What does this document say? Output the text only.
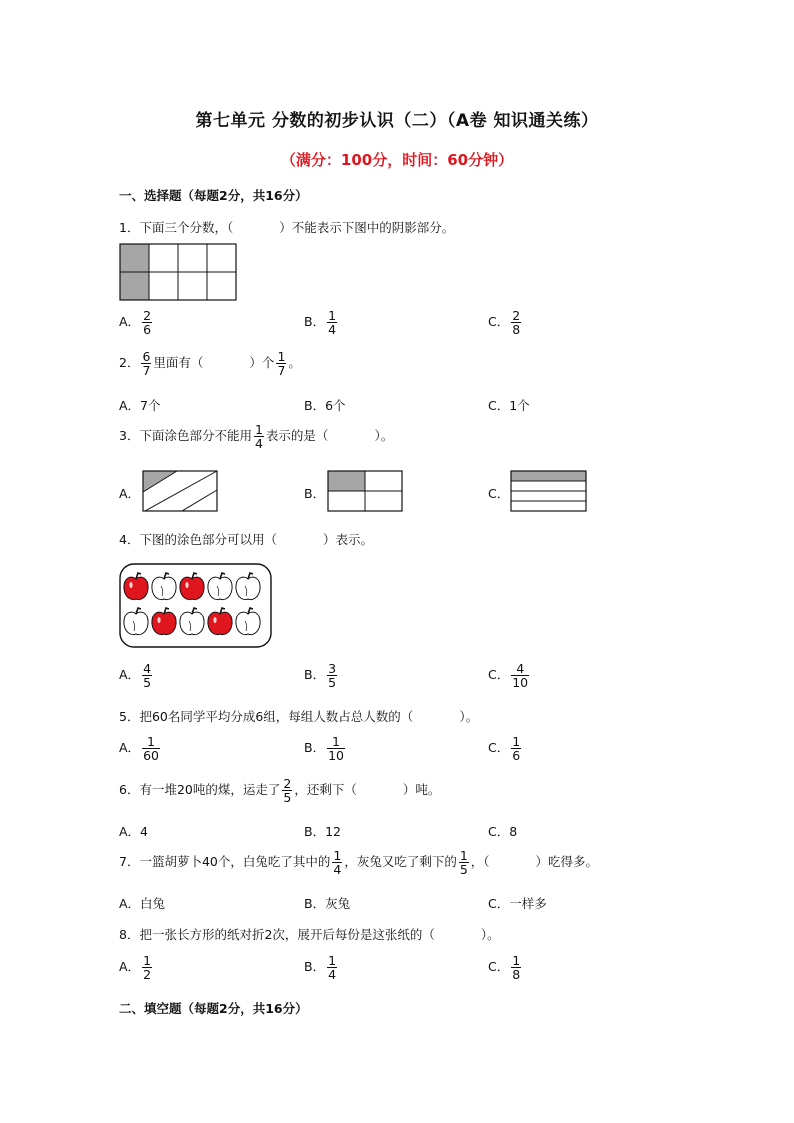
第七单元 分数的初步认识（二）（A卷 知识通关练）
（满分：100分，时间：60分钟）
一、选择题（每题2分，共16分）
1．下面三个分数，（	）不能表示下图中的阴影部分。
A． $\frac{2}{6}$	B． $\frac{1}{4}$	C． $\frac{2}{8}$
2． $\frac{6}{7}$ 里面有（	）个 $\frac{1}{7}$ 。
A．7个	B．6个	C．1个
3．下面涂色部分不能用 $\frac{1}{4}$ 表示的是（	）。
A．	B．	C．
4．下图的涂色部分可以用（	）表示。
A． $\frac{4}{5}$	B． $\frac{3}{5}$	C． $\frac{4}{10}$
5．把60名同学平均分成6组，每组人数占总人数的（	）。
A． $\frac{1}{60}$	B． $\frac{1}{10}$	C． $\frac{1}{6}$
6．有一堆20吨的煤，运走了 $\frac{2}{5}$ ，还剩下（	）吨。
A．4	B．12	C．8
7．一篮胡萝卜40个，白兔吃了其中的 $\frac{1}{4}$ ，灰兔又吃了剩下的 $\frac{1}{5}$ ，（	）吃得多。
A．白兔	B．灰兔	C．一样多
8．把一张长方形的纸对折2次，展开后每份是这张纸的（	）。
A． $\frac{1}{2}$	B． $\frac{1}{4}$	C． $\frac{1}{8}$
二、填空题（每题2分，共16分）
